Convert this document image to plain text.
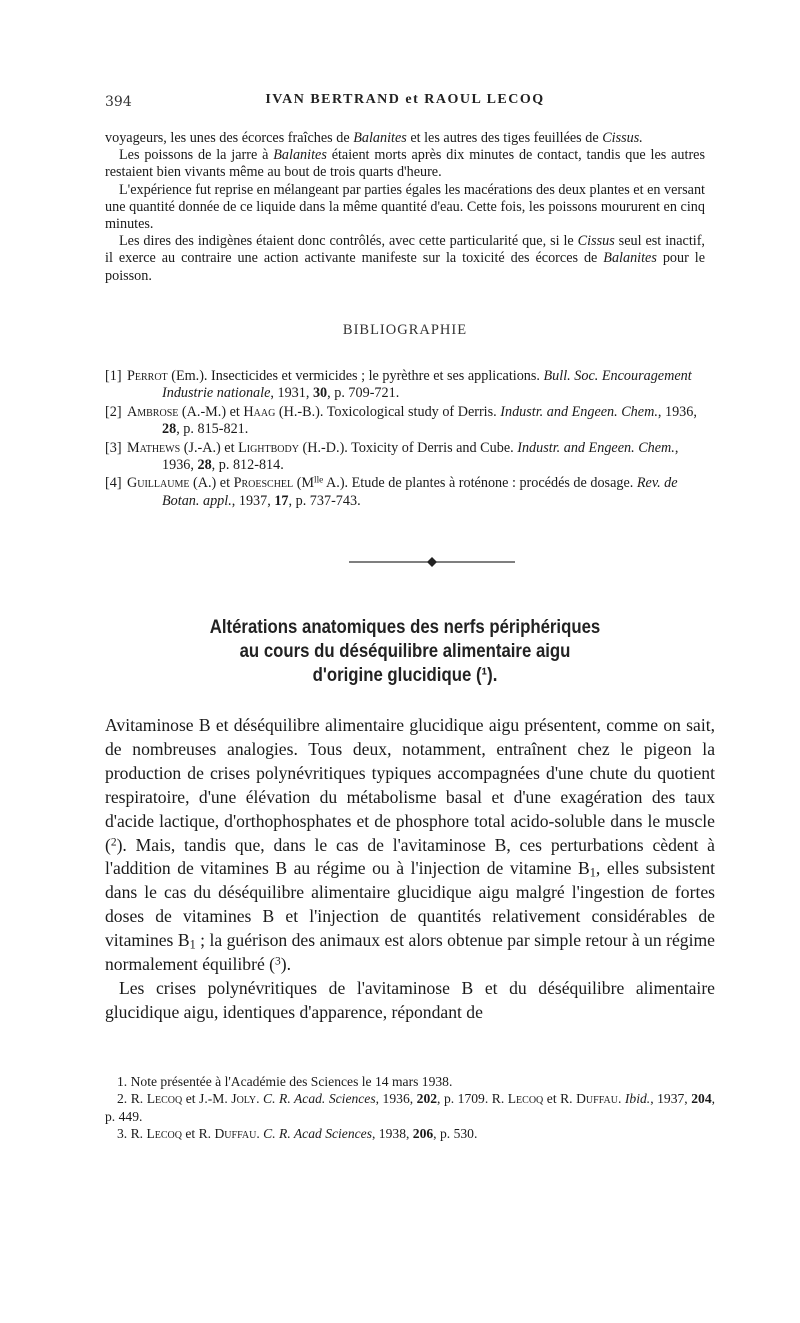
394	IVAN BERTRAND et RAOUL LECOQ

voyageurs, les unes des écorces fraîches de Balanites et les autres des tiges feuillées de Cissus.

Les poissons de la jarre à Balanites étaient morts après dix minutes de contact, tandis que les autres restaient bien vivants même au bout de trois quarts d'heure.

L'expérience fut reprise en mélangeant par parties égales les macérations des deux plantes et en versant une quantité donnée de ce liquide dans la même quantité d'eau. Cette fois, les poissons moururent en cinq minutes.

Les dires des indigènes étaient donc contrôlés, avec cette particularité que, si le Cissus seul est inactif, il exerce au contraire une action activante manifeste sur la toxicité des écorces de Balanites pour le poisson.

BIBLIOGRAPHIE
[1] Perrot (Em.). Insecticides et vermicides ; le pyrèthre et ses applications. Bull. Soc. Encouragement Industrie nationale, 1931, 30, p. 709-721.
[2] Ambrose (A.-M.) et Haag (H.-B.). Toxicological study of Derris. Industr. and Engeen. Chem., 1936, 28, p. 815-821.
[3] Mathews (J.-A.) et Lightbody (H.-D.). Toxicity of Derris and Cube. Industr. and Engeen. Chem., 1936, 28, p. 812-814.
[4] Guillaume (A.) et Proeschel ($M^{lle}$ A.). Etude de plantes à roténone : procédés de dosage. Rev. de Botan. appl., 1937, 17, p. 737-743.
Altérations anatomiques des nerfs périphériques
au cours du déséquilibre alimentaire aigu
d'origine glucidique (¹).

Avitaminose B et déséquilibre alimentaire glucidique aigu présentent, comme on sait, de nombreuses analogies. Tous deux, notamment, entraînent chez le pigeon la production de crises polynévritiques typiques accompagnées d'une chute du quotient respiratoire, d'une élévation du métabolisme basal et d'une exagération des taux d'acide lactique, d'orthophosphates et de phosphore total acido-soluble dans le muscle ($^2$). Mais, tandis que, dans le cas de l'avitaminose B, ces perturbations cèdent à l'addition de vitamines B au régime ou à l'injection de vitamine $B_1$, elles subsistent dans le cas du déséquilibre alimentaire glucidique aigu malgré l'ingestion de fortes doses de vitamines B et l'injection de quantités relativement considérables de vitamines $B_1$ ; la guérison des animaux est alors obtenue par simple retour à un régime normalement équilibré ($^3$).

Les crises polynévritiques de l'avitaminose B et du déséquilibre alimentaire glucidique aigu, identiques d'apparence, répondant de

1. Note présentée à l'Académie des Sciences le 14 mars 1938.

2. R. Lecoq et J.-M. Joly. C. R. Acad. Sciences, 1936, 202, p. 1709. R. Lecoq et R. Duffau. Ibid., 1937, 204, p. 449.

3. R. Lecoq et R. Duffau. C. R. Acad Sciences, 1938, 206, p. 530.
